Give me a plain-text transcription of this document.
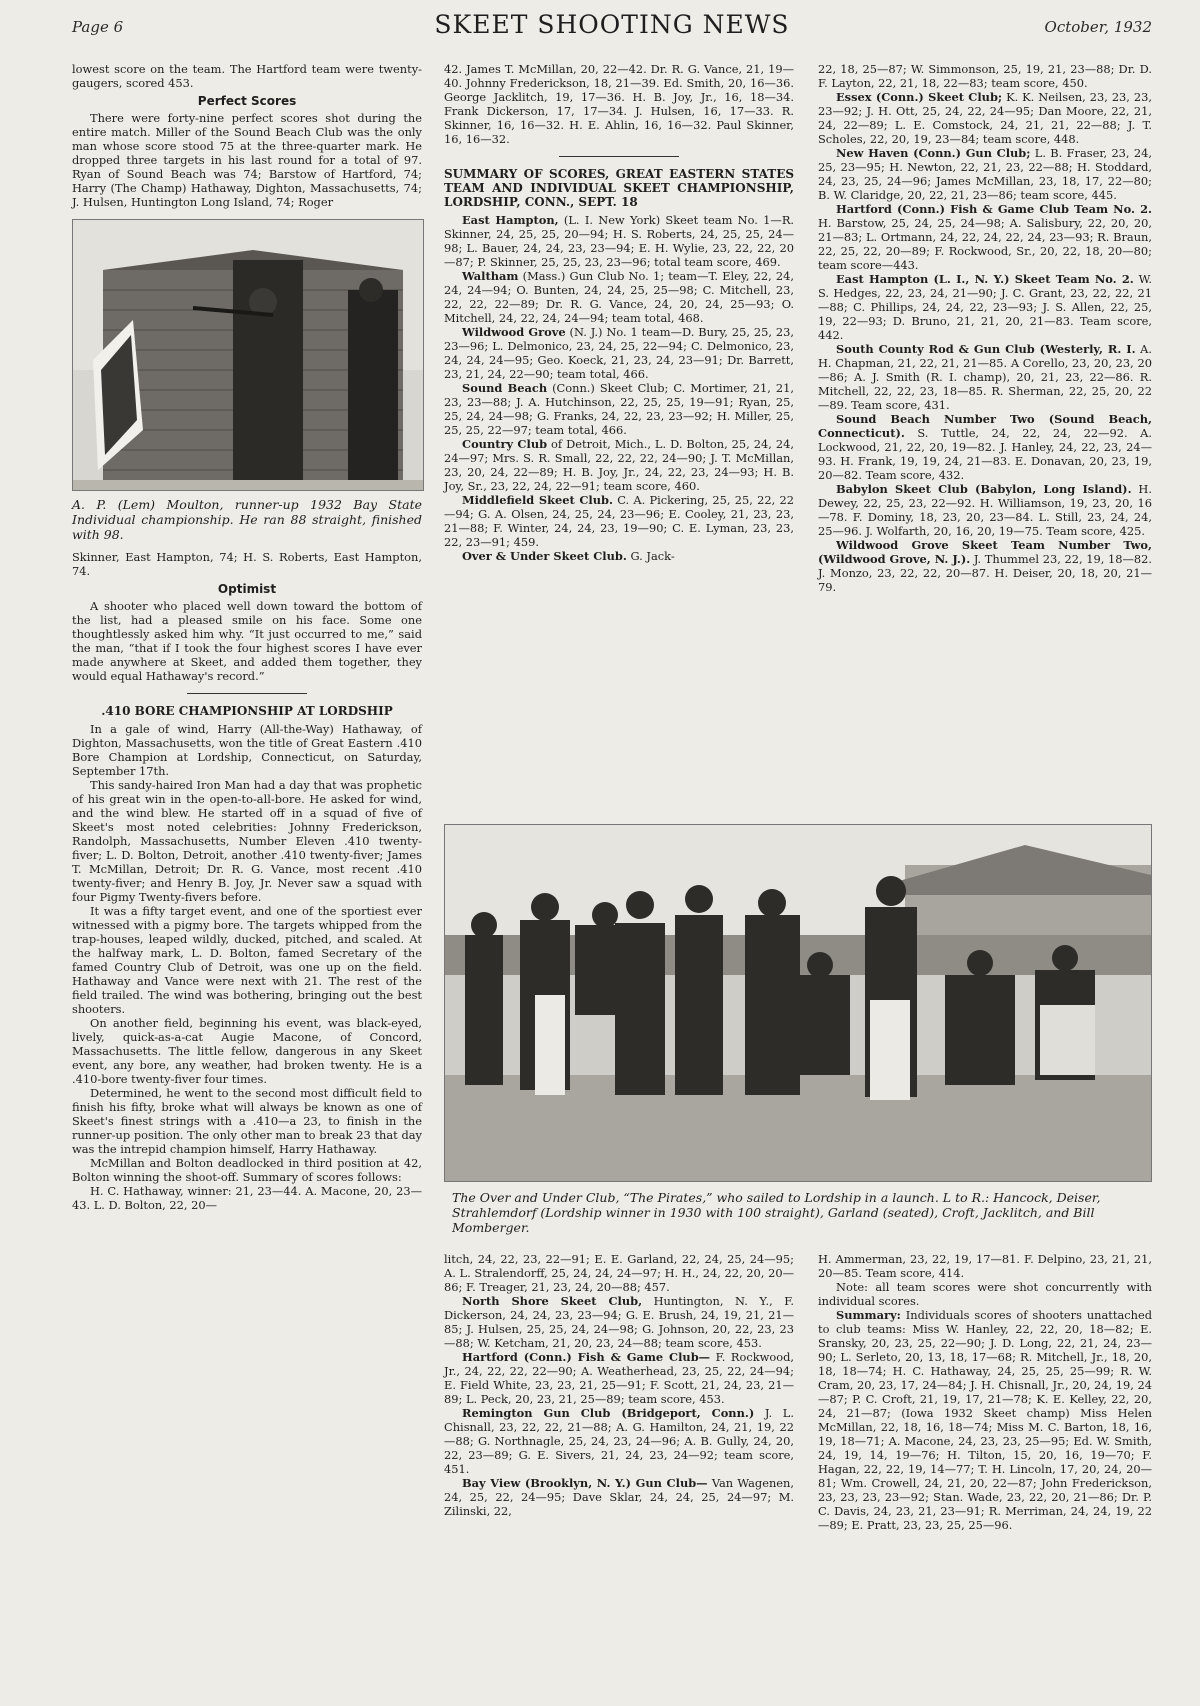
Page 6	SKEET SHOOTING NEWS	October, 1932

lowest score on the team. The Hartford team were twenty-gaugers, scored 453.

Perfect Scores

There were forty-nine perfect scores shot during the entire match. Miller of the Sound Beach Club was the only man whose score stood 75 at the three-quarter mark. He dropped three targets in his last round for a total of 97. Ryan of Sound Beach was 74; Barstow of Hartford, 74; Harry (The Champ) Hathaway, Dighton, Massachusetts, 74; J. Hulsen, Huntington Long Island, 74; Roger

A. P. (Lem) Moulton, runner-up 1932 Bay State Individual championship. He ran 88 straight, finished with 98.

Skinner, East Hampton, 74; H. S. Roberts, East Hampton, 74.

Optimist

A shooter who placed well down toward the bottom of the list, had a pleased smile on his face. Some one thoughtlessly asked him why. “It just occurred to me,” said the man, “that if I took the four highest scores I have ever made anywhere at Skeet, and added them together, they would equal Hathaway's record.”

.410 BORE CHAMPIONSHIP AT LORDSHIP

In a gale of wind, Harry (All-the-Way) Hathaway, of Dighton, Massachusetts, won the title of Great Eastern .410 Bore Champion at Lordship, Connecticut, on Saturday, September 17th.

This sandy-haired Iron Man had a day that was prophetic of his great win in the open-to-all-bore. He asked for wind, and the wind blew. He started off in a squad of five of Skeet's most noted celebrities: Johnny Frederickson, Randolph, Massachusetts, Number Eleven .410 twenty-fiver; L. D. Bolton, Detroit, another .410 twenty-fiver; James T. McMillan, Detroit; Dr. R. G. Vance, most recent .410 twenty-fiver; and Henry B. Joy, Jr. Never saw a squad with four Pigmy Twenty-fivers before.

It was a fifty target event, and one of the sportiest ever witnessed with a pigmy bore. The targets whipped from the trap-houses, leaped wildly, ducked, pitched, and scaled. At the halfway mark, L. D. Bolton, famed Secretary of the famed Country Club of Detroit, was one up on the field. Hathaway and Vance were next with 21. The rest of the field trailed. The wind was bothering, bringing out the best shooters.

On another field, beginning his event, was black-eyed, lively, quick-as-a-cat Augie Macone, of Concord, Massachusetts. The little fellow, dangerous in any Skeet event, any bore, any weather, had broken twenty. He is a .410-bore twenty-fiver four times.

Determined, he went to the second most difficult field to finish his fifty, broke what will always be known as one of Skeet's finest strings with a .410—a 23, to finish in the runner-up position. The only other man to break 23 that day was the intrepid champion himself, Harry Hathaway.

McMillan and Bolton deadlocked in third position at 42, Bolton winning the shoot-off. Summary of scores follows:

H. C. Hathaway, winner: 21, 23—44. A. Macone, 20, 23—43. L. D. Bolton, 22, 20—

42. James T. McMillan, 20, 22—42. Dr. R. G. Vance, 21, 19—40. Johnny Frederickson, 18, 21—39. Ed. Smith, 20, 16—36. George Jacklitch, 19, 17—36. H. B. Joy, Jr., 16, 18—34. Frank Dickerson, 17, 17—34. J. Hulsen, 16, 17—33. R. Skinner, 16, 16—32. H. E. Ahlin, 16, 16—32. Paul Skinner, 16, 16—32.

SUMMARY OF SCORES, GREAT EASTERN STATES TEAM AND INDIVIDUAL SKEET CHAMPIONSHIP, LORDSHIP, CONN., SEPT. 18

East Hampton, (L. I. New York) Skeet team No. 1—R. Skinner, 24, 25, 25, 20—94; H. S. Roberts, 24, 25, 25, 24—98; L. Bauer, 24, 24, 23, 23—94; E. H. Wylie, 23, 22, 22, 20—87; P. Skinner, 25, 25, 23, 23—96; total team score, 469.

Waltham (Mass.) Gun Club No. 1; team—T. Eley, 22, 24, 24, 24—94; O. Bunten, 24, 24, 25, 25—98; C. Mitchell, 23, 22, 22, 22—89; Dr. R. G. Vance, 24, 20, 24, 25—93; O. Mitchell, 24, 22, 24, 24—94; team total, 468.

Wildwood Grove (N. J.) No. 1 team—D. Bury, 25, 25, 23, 23—96; L. Delmonico, 23, 24, 25, 22—94; C. Delmonico, 23, 24, 24, 24—95; Geo. Koeck, 21, 23, 24, 23—91; Dr. Barrett, 23, 21, 24, 22—90; team total, 466.

Sound Beach (Conn.) Skeet Club; C. Mortimer, 21, 21, 23, 23—88; J. A. Hutchinson, 22, 25, 25, 19—91; Ryan, 25, 25, 24, 24—98; G. Franks, 24, 22, 23, 23—92; H. Miller, 25, 25, 25, 22—97; team total, 466.

Country Club of Detroit, Mich., L. D. Bolton, 25, 24, 24, 24—97; Mrs. S. R. Small, 22, 22, 22, 24—90; J. T. McMillan, 23, 20, 24, 22—89; H. B. Joy, Jr., 24, 22, 23, 24—93; H. B. Joy, Sr., 23, 22, 24, 22—91; team score, 460.

Middlefield Skeet Club. C. A. Pickering, 25, 25, 22, 22—94; G. A. Olsen, 24, 25, 24, 23—96; E. Cooley, 21, 23, 23, 21—88; F. Winter, 24, 24, 23, 19—90; C. E. Lyman, 23, 23, 22, 23—91; 459.

Over & Under Skeet Club. G. Jack-

22, 18, 25—87; W. Simmonson, 25, 19, 21, 23—88; Dr. D. F. Layton, 22, 21, 18, 22—83; team score, 450.

Essex (Conn.) Skeet Club; K. K. Neilsen, 23, 23, 23, 23—92; J. H. Ott, 25, 24, 22, 24—95; Dan Moore, 22, 21, 24, 22—89; L. E. Comstock, 24, 21, 21, 22—88; J. T. Scholes, 22, 20, 19, 23—84; team score, 448.

New Haven (Conn.) Gun Club; L. B. Fraser, 23, 24, 25, 23—95; H. Newton, 22, 21, 23, 22—88; H. Stoddard, 24, 23, 25, 24—96; James McMillan, 23, 18, 17, 22—80; B. W. Claridge, 20, 22, 21, 23—86; team score, 445.

Hartford (Conn.) Fish & Game Club Team No. 2. H. Barstow, 25, 24, 25, 24—98; A. Salisbury, 22, 20, 20, 21—83; L. Ortmann, 24, 22, 24, 22, 24, 23—93; R. Braun, 22, 25, 22, 20—89; F. Rockwood, Sr., 20, 22, 18, 20—80; team score—443.

East Hampton (L. I., N. Y.) Skeet Team No. 2. W. S. Hedges, 22, 23, 24, 21—90; J. C. Grant, 23, 22, 22, 21—88; C. Phillips, 24, 24, 22, 23—93; J. S. Allen, 22, 25, 19, 22—93; D. Bruno, 21, 21, 20, 21—83. Team score, 442.

South County Rod & Gun Club (Westerly, R. I. A. H. Chapman, 21, 22, 21, 21—85. A Corello, 23, 20, 23, 20—86; A. J. Smith (R. I. champ), 20, 21, 23, 22—86. R. Mitchell, 22, 22, 23, 18—85. R. Sherman, 22, 25, 20, 22—89. Team score, 431.

Sound Beach Number Two (Sound Beach, Connecticut). S. Tuttle, 24, 22, 24, 22—92. A. Lockwood, 21, 22, 20, 19—82. J. Hanley, 24, 22, 23, 24—93. H. Frank, 19, 19, 24, 21—83. E. Donavan, 20, 23, 19, 20—82. Team score, 432.

Babylon Skeet Club (Babylon, Long Island). H. Dewey, 22, 25, 23, 22—92. H. Williamson, 19, 23, 20, 16—78. F. Dominy, 18, 23, 20, 23—84. L. Still, 23, 24, 24, 25—96. J. Wolfarth, 20, 16, 20, 19—75. Team score, 425.

Wildwood Grove Skeet Team Number Two, (Wildwood Grove, N. J.). J. Thummel 23, 22, 19, 18—82. J. Monzo, 23, 22, 22, 20—87. H. Deiser, 20, 18, 20, 21—79.

The Over and Under Club, “The Pirates,” who sailed to Lordship in a launch. L to R.: Hancock, Deiser, Strahlemdorf (Lordship winner in 1930 with 100 straight), Garland (seated), Croft, Jacklitch, and Bill Momberger.

litch, 24, 22, 23, 22—91; E. E. Garland, 22, 24, 25, 24—95; A. L. Stralendorff, 25, 24, 24, 24—97; H. H., 24, 22, 20, 20—86; F. Treager, 21, 23, 24, 20—88; 457.

North Shore Skeet Club, Huntington, N. Y., F. Dickerson, 24, 24, 23, 23—94; G. E. Brush, 24, 19, 21, 21—85; J. Hulsen, 25, 25, 24, 24—98; G. Johnson, 20, 22, 23, 23—88; W. Ketcham, 21, 20, 23, 24—88; team score, 453.

Hartford (Conn.) Fish & Game Club— F. Rockwood, Jr., 24, 22, 22, 22—90; A. Weatherhead, 23, 25, 22, 24—94; E. Field White, 23, 23, 21, 25—91; F. Scott, 21, 24, 23, 21—89; L. Peck, 20, 23, 21, 25—89; team score, 453.

Remington Gun Club (Bridgeport, Conn.) J. L. Chisnall, 23, 22, 22, 21—88; A. G. Hamilton, 24, 21, 19, 22—88; G. Northnagle, 25, 24, 23, 24—96; A. B. Gully, 24, 20, 22, 23—89; G. E. Sivers, 21, 24, 23, 24—92; team score, 451.

Bay View (Brooklyn, N. Y.) Gun Club— Van Wagenen, 24, 25, 22, 24—95; Dave Sklar, 24, 24, 25, 24—97; M. Zilinski, 22,

H. Ammerman, 23, 22, 19, 17—81. F. Delpino, 23, 21, 21, 20—85. Team score, 414.

Note: all team scores were shot concurrently with individual scores.

Summary: Individuals scores of shooters unattached to club teams: Miss W. Hanley, 22, 22, 20, 18—82; E. Sransky, 20, 23, 25, 22—90; J. D. Long, 22, 21, 24, 23—90; L. Serleto, 20, 13, 18, 17—68; R. Mitchell, Jr., 18, 20, 18, 18—74; H. C. Hathaway, 24, 25, 25, 25—99; R. W. Cram, 20, 23, 17, 24—84; J. H. Chisnall, Jr., 20, 24, 19, 24—87; P. C. Croft, 21, 19, 17, 21—78; K. E. Kelley, 22, 20, 24, 21—87; (Iowa 1932 Skeet champ) Miss Helen McMillan, 22, 18, 16, 18—74; Miss M. C. Barton, 18, 16, 19, 18—71; A. Macone, 24, 23, 23, 25—95; Ed. W. Smith, 24, 19, 14, 19—76; H. Tilton, 15, 20, 16, 19—70; F. Hagan, 22, 22, 19, 14—77; T. H. Lincoln, 17, 20, 24, 20—81; Wm. Crowell, 24, 21, 20, 22—87; John Frederickson, 23, 23, 23, 23—92; Stan. Wade, 23, 22, 20, 21—86; Dr. P. C. Davis, 24, 23, 21, 23—91; R. Merriman, 24, 24, 19, 22—89; E. Pratt, 23, 23, 25, 25—96.
